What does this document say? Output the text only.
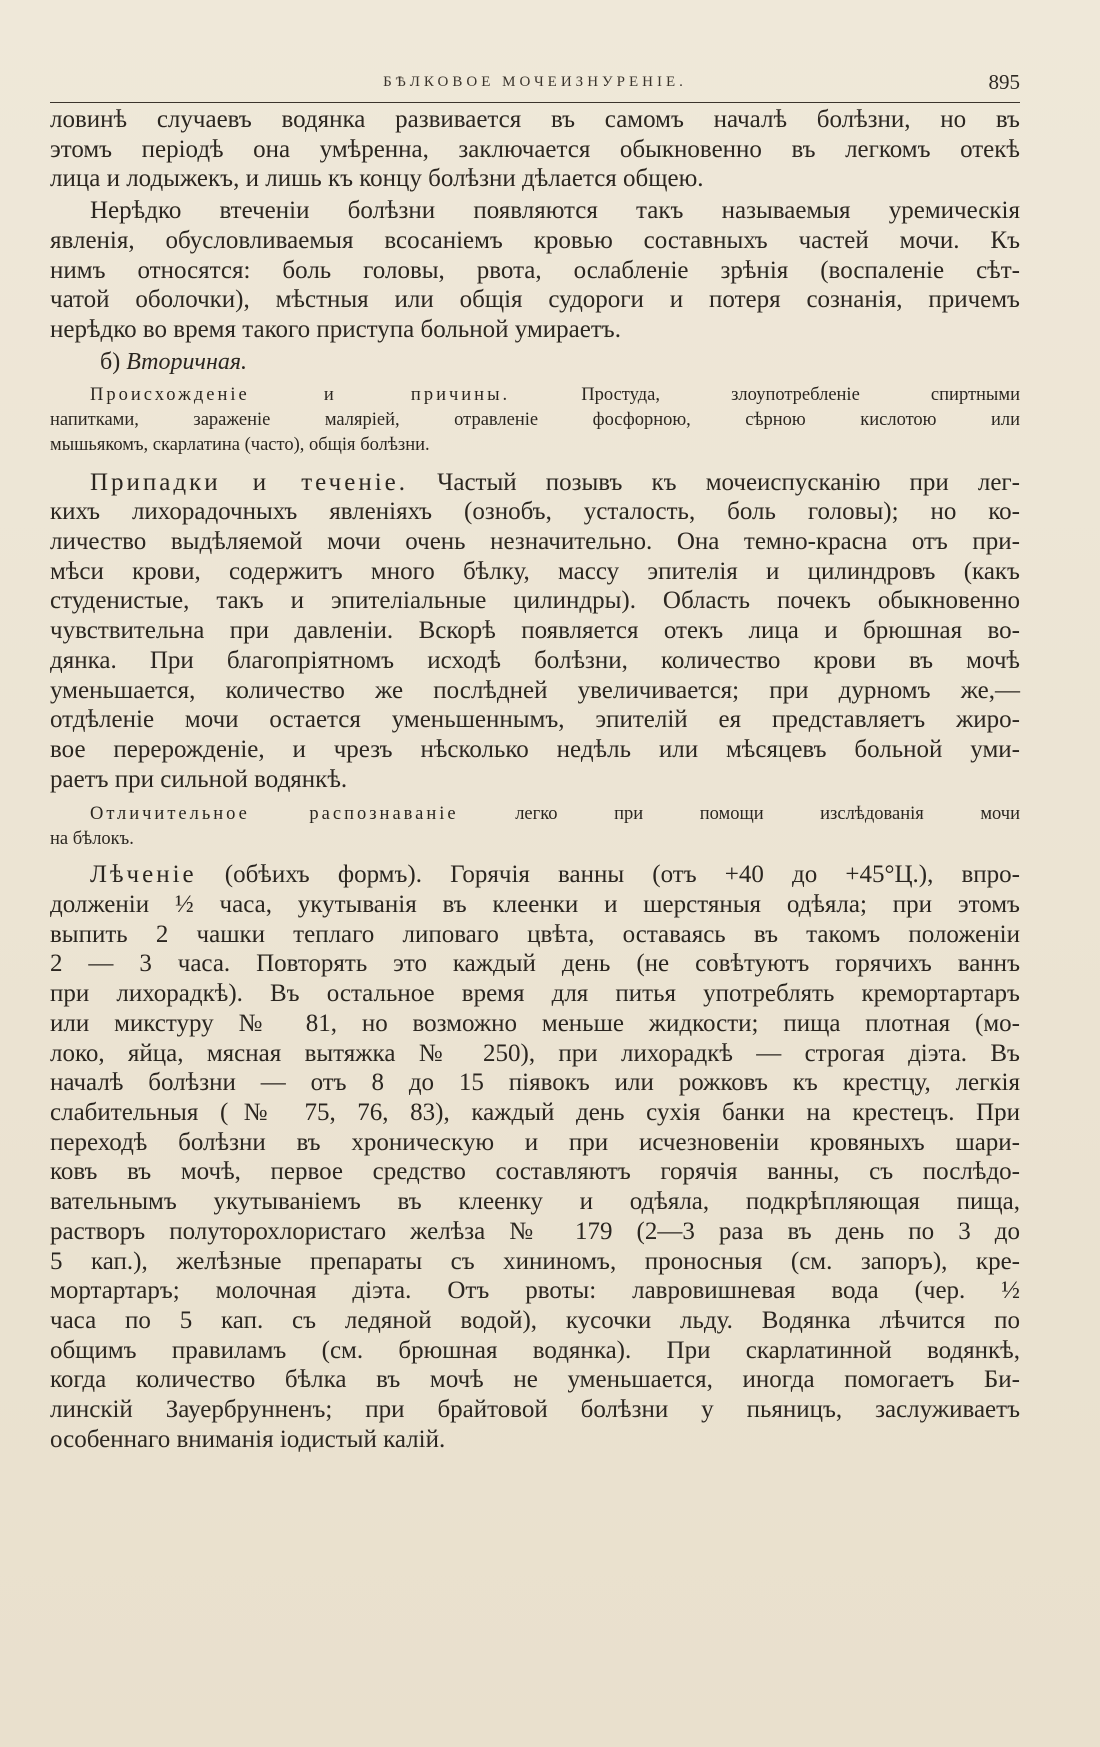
БѢЛКОВОЕ МОЧЕИЗНУРЕНІЕ.	895

ловинѣ случаевъ водянка развивается въ самомъ началѣ болѣзни, но въ
этомъ періодѣ она умѣренна, заключается обыкновенно въ легкомъ отекѣ
лица и лодыжекъ, и лишь къ концу болѣзни дѣлается общею.

Нерѣдко втеченіи болѣзни появляются такъ называемыя уремическія
явленія, обусловливаемыя всосаніемъ кровью составныхъ частей мочи. Къ
нимъ относятся: боль головы, рвота, ослабленіе зрѣнія (воспаленіе сѣт-
чатой оболочки), мѣстныя или общія судороги и потеря сознанія, причемъ
нерѣдко во время такого приступа больной умираетъ.

б) Вторичная.

Происхожденіе и причины. Простуда, злоупотребленіе спиртными
напитками, зараженіе малярiей, отравленіе фосфорною, сѣрною кислотою или
мышьякомъ, скарлатина (часто), общія болѣзни.

Припадки и теченіе. Частый позывъ къ мочеиспусканію при лег-
кихъ лихорадочныхъ явленіяхъ (ознобъ, усталость, боль головы); но ко-
личество выдѣляемой мочи очень незначительно. Она темно-красна отъ при-
мѣси крови, содержитъ много бѣлку, массу эпителія и цилиндровъ (какъ
студенистые, такъ и эпителіальные цилиндры). Область почекъ обыкновенно
чувствительна при давленіи. Вскорѣ появляется отекъ лица и брюшная во-
дянка. При благопріятномъ исходѣ болѣзни, количество крови въ мочѣ
уменьшается, количество же послѣдней увеличивается; при дурномъ же,—
отдѣленіе мочи остается уменьшеннымъ, эпителій ея представляетъ жиро-
вое перерожденіе, и чрезъ нѣсколько недѣль или мѣсяцевъ больной уми-
раетъ при сильной водянкѣ.

Отличительное распознаваніе легко при помощи изслѣдованія мочи
на бѣлокъ.

Лѣченіе (обѣихъ формъ). Горячія ванны (отъ +40 до +45°Ц.), впро-
долженіи ½ часа, укутыванія въ клеенки и шерстяныя одѣяла; при этомъ
выпить 2 чашки теплаго липоваго цвѣта, оставаясь въ такомъ положеніи
2 — 3 часа. Повторять это каждый день (не совѣтуютъ горячихъ ваннъ
при лихорадкѣ). Въ остальное время для питья употреблять кремортартаръ
или микстуру № 81, но возможно меньше жидкости; пища плотная (мо-
локо, яйца, мясная вытяжка № 250), при лихорадкѣ — строгая діэта. Въ
началѣ болѣзни — отъ 8 до 15 піявокъ или рожковъ къ крестцу, легкія
слабительныя (№ 75, 76, 83), каждый день сухія банки на крестецъ. При
переходѣ болѣзни въ хроническую и при исчезновеніи кровяныхъ шари-
ковъ въ мочѣ, первое средство составляютъ горячія ванны, съ послѣдо-
вательнымъ укутываніемъ въ клеенку и одѣяла, подкрѣпляющая пища,
растворъ полуторохлористаго желѣза № 179 (2—3 раза въ день по 3 до
5 кап.), желѣзные препараты съ хининомъ, проносныя (см. запоръ), кре-
мортартаръ; молочная діэта. Отъ рвоты: лавровишневая вода (чер. ½
часа по 5 кап. съ ледяной водой), кусочки льду. Водянка лѣчится по
общимъ правиламъ (см. брюшная водянка). При скарлатинной водянкѣ,
когда количество бѣлка въ мочѣ не уменьшается, иногда помогаетъ Би-
линскій Зауербрунненъ; при брайтовой болѣзни у пьяницъ, заслуживаетъ
особеннаго вниманія іодистый калій.
